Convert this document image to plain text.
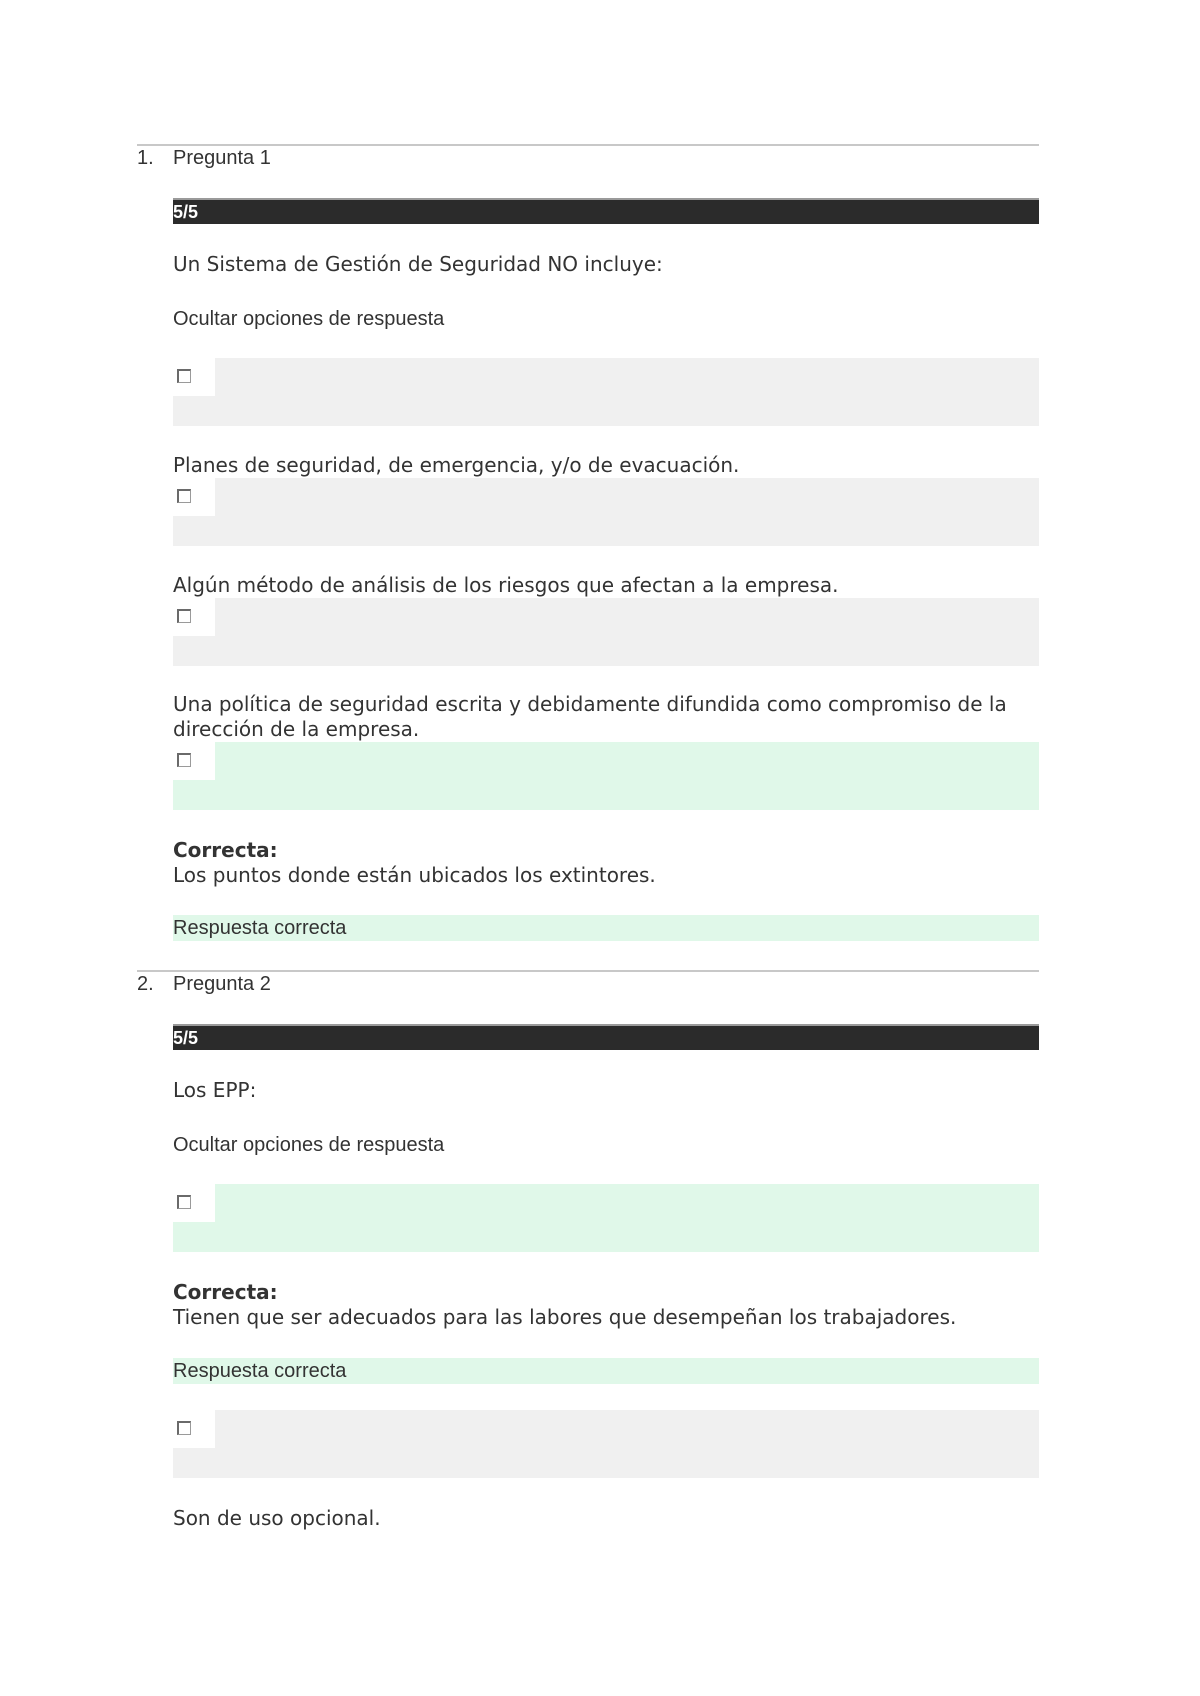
1. Pregunta 1
5/5
Un Sistema de Gestión de Seguridad NO incluye:
Ocultar opciones de respuesta
Planes de seguridad, de emergencia, y/o de evacuación.
Algún método de análisis de los riesgos que afectan a la empresa.
Una política de seguridad escrita y debidamente difundida como compromiso de la dirección de la empresa.
Correcta:
Los puntos donde están ubicados los extintores.
Respuesta correcta
2. Pregunta 2
5/5
Los EPP:
Ocultar opciones de respuesta
Correcta:
Tienen que ser adecuados para las labores que desempeñan los trabajadores.
Respuesta correcta
Son de uso opcional.
